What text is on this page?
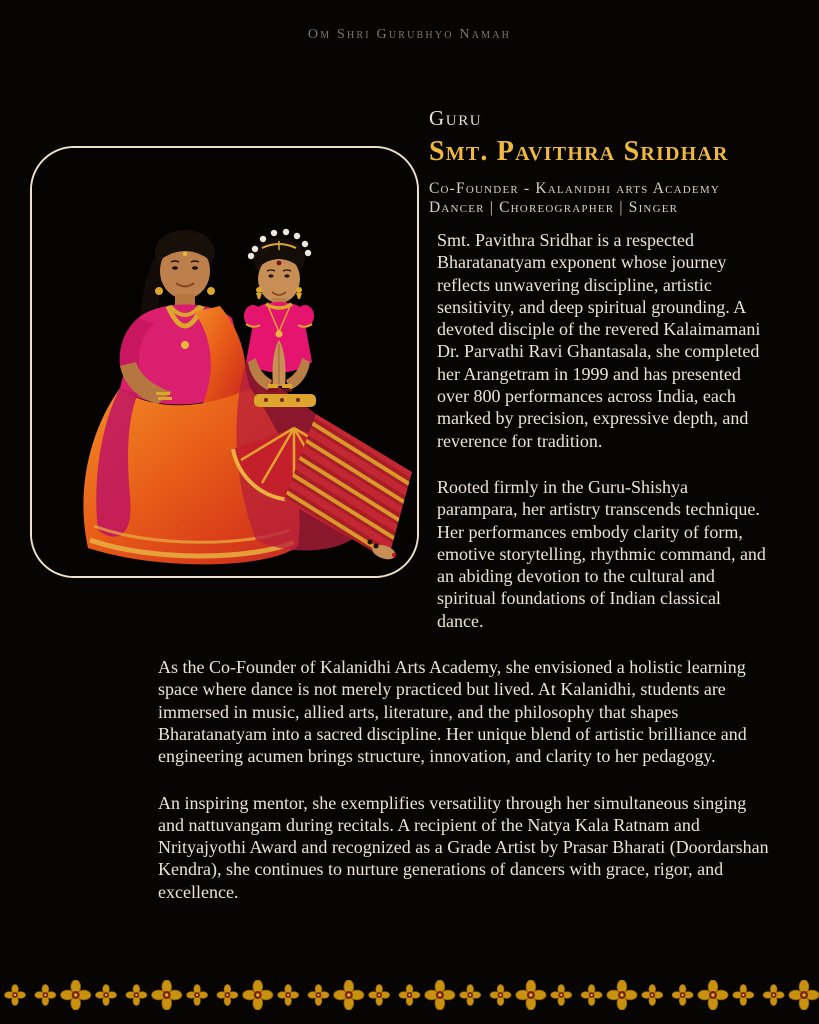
Om Shri Gurubhyo Namah
Guru
Smt. Pavithra Sridhar
Co-Founder - Kalanidhi arts Academy
Dancer | Choreographer | Singer

Smt. Pavithra Sridhar is a respected Bharatanatyam exponent whose journey reflects unwavering discipline, artistic sensitivity, and deep spiritual grounding. A devoted disciple of the revered Kalaimamani Dr. Parvathi Ravi Ghantasala, she completed her Arangetram in 1999 and has presented over 800 performances across India, each marked by precision, expressive depth, and reverence for tradition.

Rooted firmly in the Guru-Shishya parampara, her artistry transcends technique. Her performances embody clarity of form, emotive storytelling, rhythmic command, and an abiding devotion to the cultural and spiritual foundations of Indian classical dance.

As the Co-Founder of Kalanidhi Arts Academy, she envisioned a holistic learning space where dance is not merely practiced but lived. At Kalanidhi, students are immersed in music, allied arts, literature, and the philosophy that shapes Bharatanatyam into a sacred discipline. Her unique blend of artistic brilliance and engineering acumen brings structure, innovation, and clarity to her pedagogy.

An inspiring mentor, she exemplifies versatility through her simultaneous singing and nattuvangam during recitals. A recipient of the Natya Kala Ratnam and Nrityajyothi Award and recognized as a Grade Artist by Prasar Bharati (Doordarshan Kendra), she continues to nurture generations of dancers with grace, rigor, and excellence.
